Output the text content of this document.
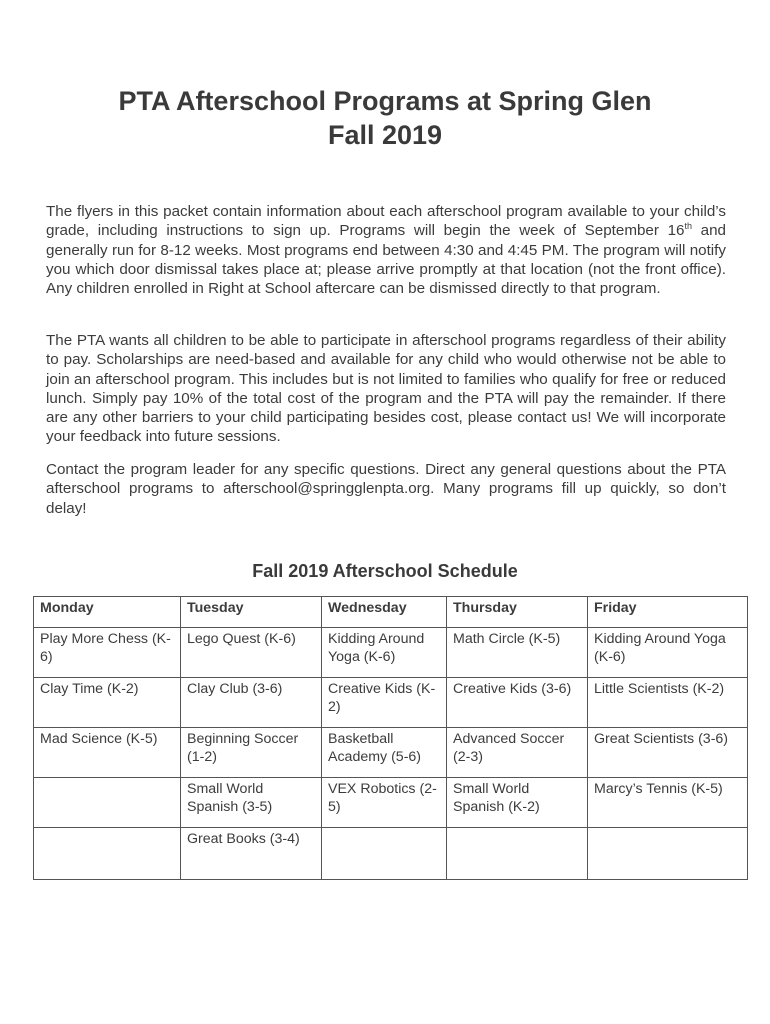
PTA Afterschool Programs at Spring Glen
Fall 2019

The flyers in this packet contain information about each afterschool program available to your child’s grade, including instructions to sign up. Programs will begin the week of September 16th and generally run for 8-12 weeks. Most programs end between 4:30 and 4:45 PM. The program will notify you which door dismissal takes place at; please arrive promptly at that location (not the front office). Any children enrolled in Right at School aftercare can be dismissed directly to that program.

The PTA wants all children to be able to participate in afterschool programs regardless of their ability to pay. Scholarships are need-based and available for any child who would otherwise not be able to join an afterschool program. This includes but is not limited to families who qualify for free or reduced lunch. Simply pay 10% of the total cost of the program and the PTA will pay the remainder. If there are any other barriers to your child participating besides cost, please contact us! We will incorporate your feedback into future sessions.

Contact the program leader for any specific questions. Direct any general questions about the PTA afterschool programs to afterschool@springglenpta.org. Many programs fill up quickly, so don’t delay!

Fall 2019 Afterschool Schedule
Monday	Tuesday	Wednesday	Thursday	Friday
Play More Chess (K-6)	Lego Quest (K-6)	Kidding Around Yoga (K-6)	Math Circle (K-5)	Kidding Around Yoga (K-6)
Clay Time (K-2)	Clay Club (3-6)	Creative Kids (K-2)	Creative Kids (3-6)	Little Scientists (K-2)
Mad Science (K-5)	Beginning Soccer (1-2)	Basketball Academy (5-6)	Advanced Soccer (2-3)	Great Scientists (3-6)
	Small World Spanish (3-5)	VEX Robotics (2-5)	Small World Spanish (K-2)	Marcy’s Tennis (K-5)
	Great Books (3-4)			
